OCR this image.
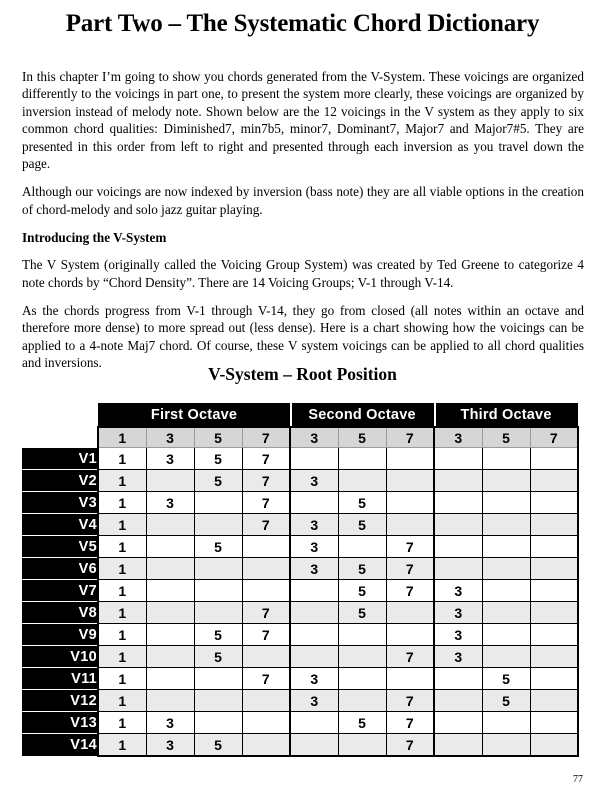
Part Two – The Systematic Chord Dictionary

In this chapter I’m going to show you chords generated from the V-System. These voicings are organized differently to the voicings in part one, to present the system more clearly, these voicings are organized by inversion instead of melody note. Shown below are the 12 voicings in the V system as they apply to six common chord qualities: Diminished7, min7b5, minor7, Dominant7, Major7 and Major7#5. They are presented in this order from left to right and presented through each inversion as you travel down the page.

Although our voicings are now indexed by inversion (bass note) they are all viable options in the creation of chord-melody and solo jazz guitar playing.

Introducing the V-System

The V System (originally called the Voicing Group System) was created by Ted Greene to categorize 4 note chords by “Chord Density”. There are 14 Voicing Groups; V-1 through V-14.

As the chords progress from V-1 through V-14, they go from closed (all notes within an octave and therefore more dense) to more spread out (less dense). Here is a chart showing how the voicings can be applied to a 4-note Maj7 chord. Of course, these V system voicings can be applied to all chord qualities and inversions.

V-System – Root Position
	First Octave				Second Octave			Third Octave		
	1	3	5	7	3	5	7	3	5	7
V1	1	3	5	7						
V2	1		5	7	3					
V3	1	3		7		5				
V4	1			7	3	5				
V5	1		5		3		7			
V6	1				3	5	7			
V7	1					5	7	3		
V8	1			7		5		3		
V9	1		5	7				3		
V10	1		5				7	3		
V11	1			7	3				5	
V12	1				3		7		5	
V13	1	3				5	7			
V14	1	3	5				7			
77
